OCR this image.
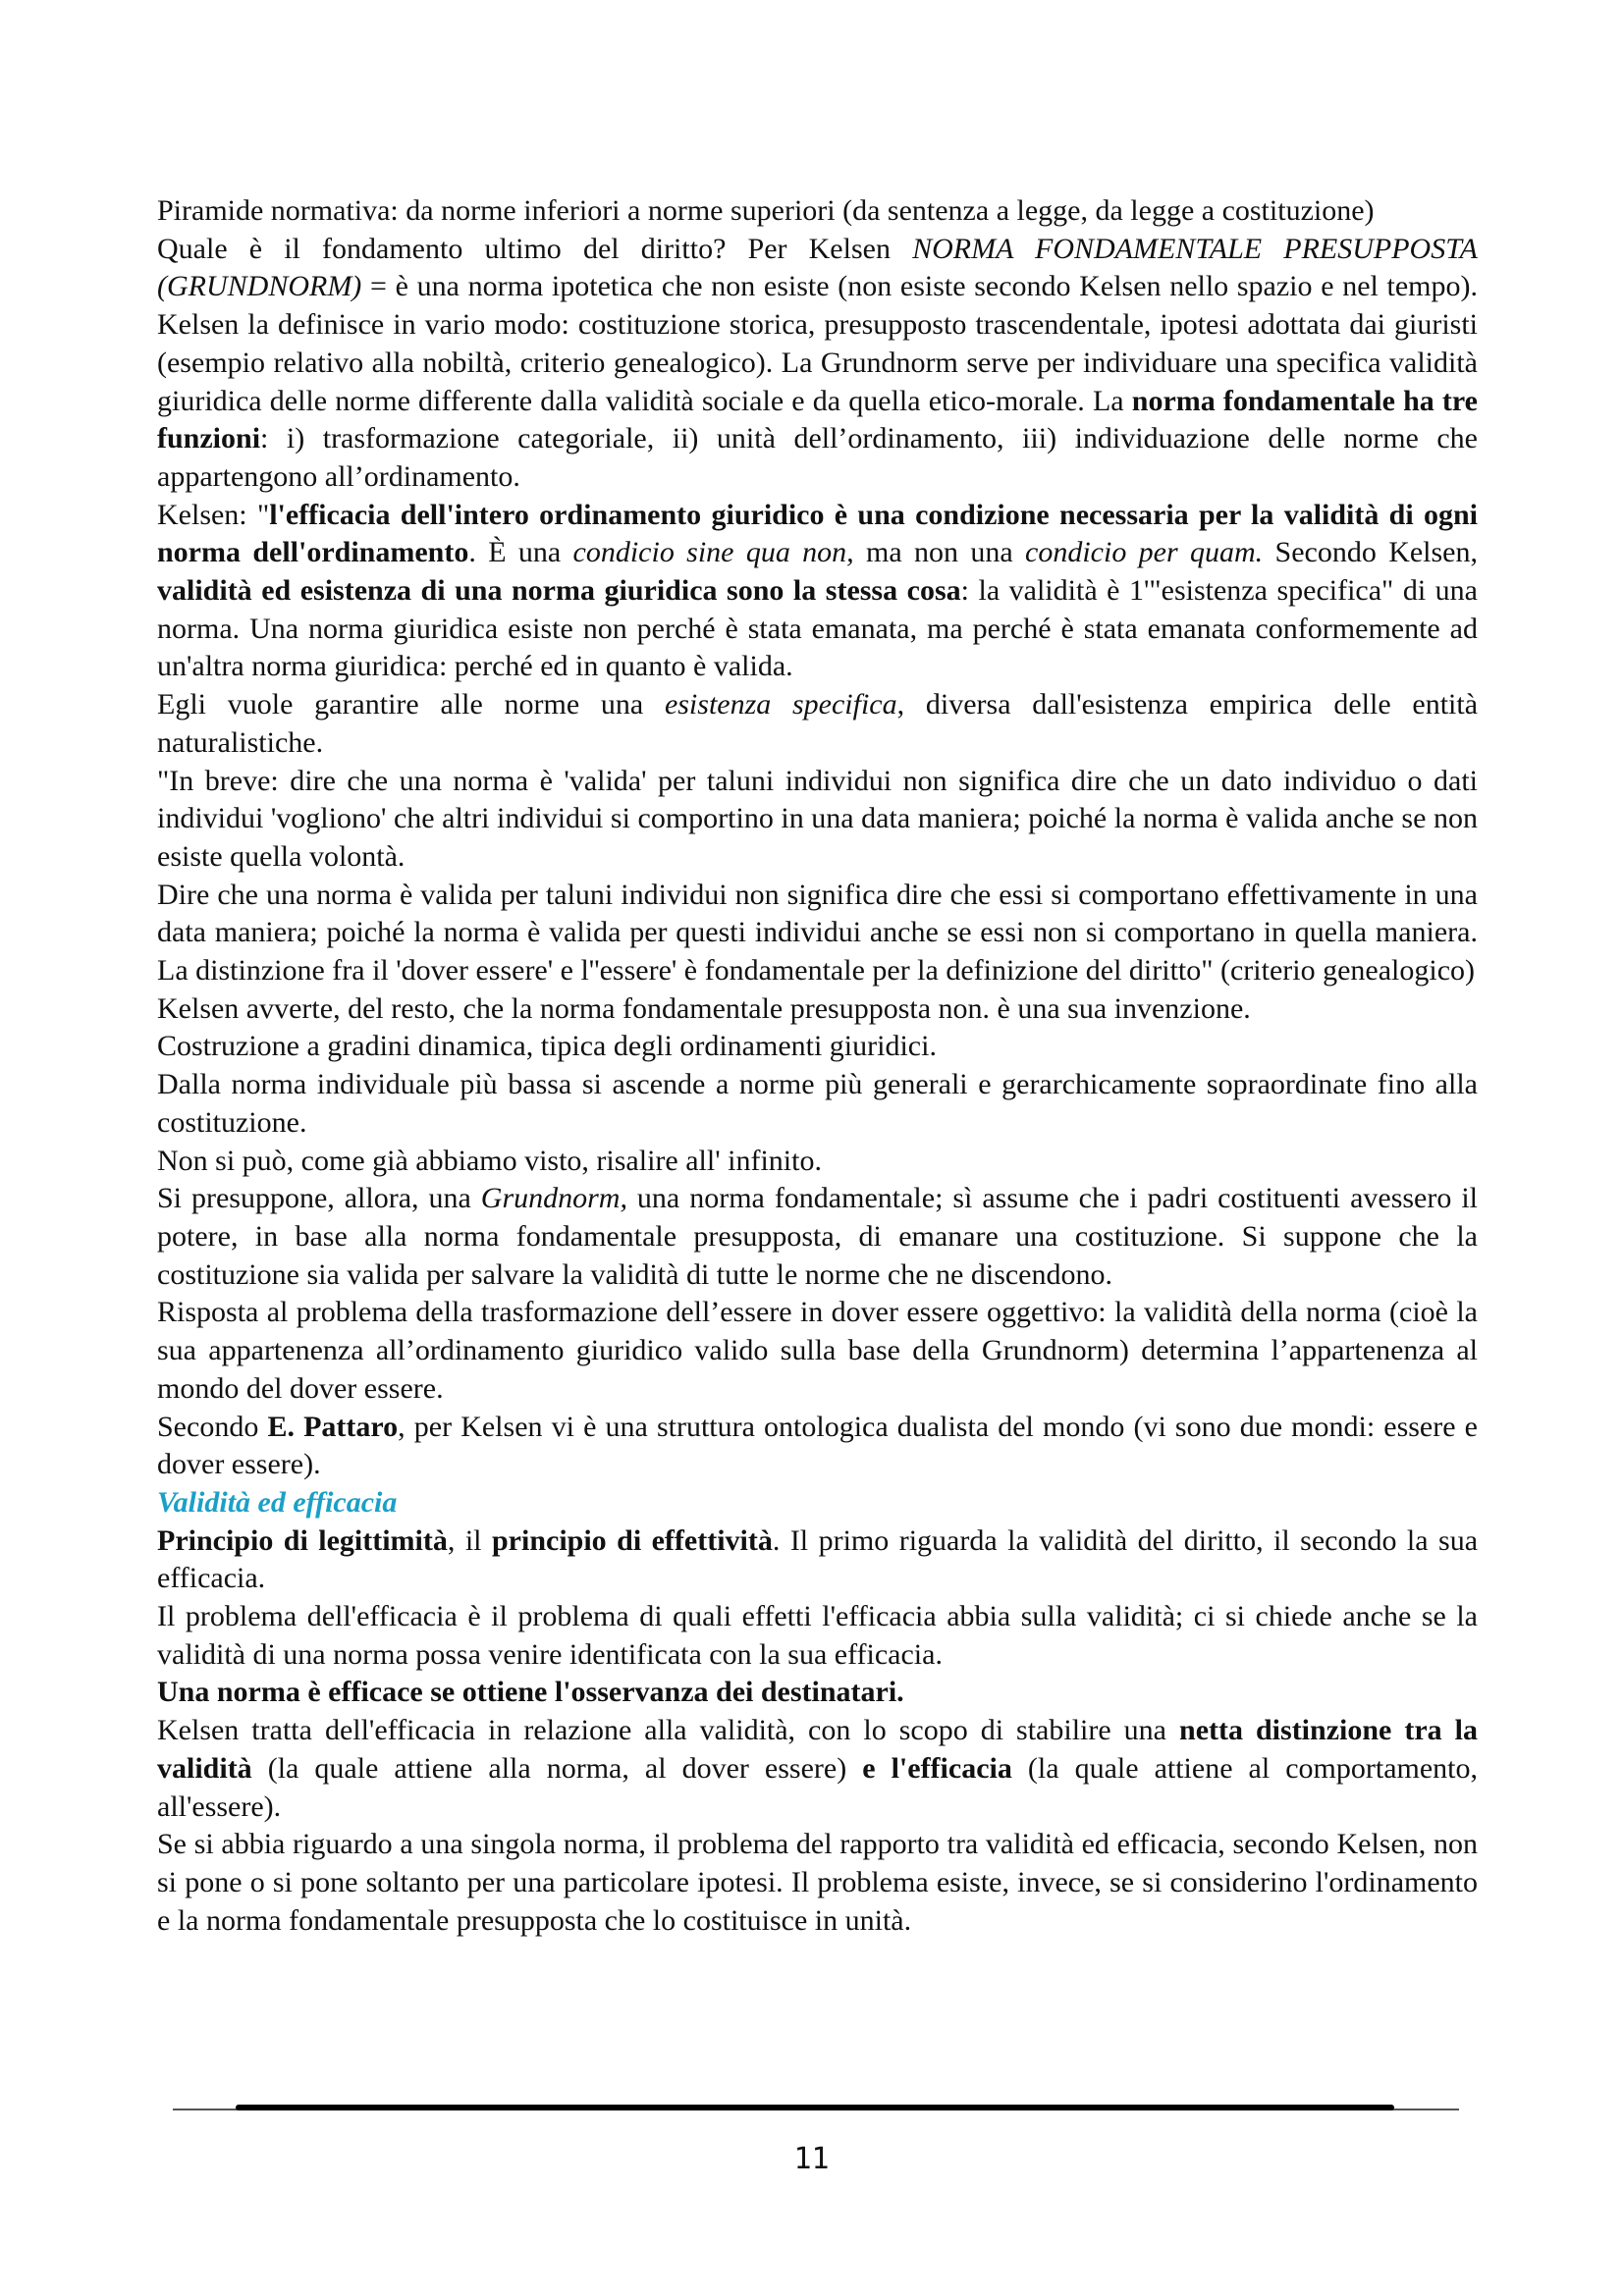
Piramide normativa: da norme inferiori a norme superiori (da sentenza a legge, da legge a costituzione)

Quale è il fondamento ultimo del diritto? Per Kelsen NORMA FONDAMENTALE PRESUPPOSTA (GRUNDNORM) = è una norma ipotetica che non esiste (non esiste secondo Kelsen nello spazio e nel tempo). Kelsen la definisce in vario modo: costituzione storica, presupposto trascendentale, ipotesi adottata dai giuristi (esempio relativo alla nobiltà, criterio genealogico). La Grundnorm serve per individuare una specifica validità giuridica delle norme differente dalla validità sociale e da quella etico-morale. La norma fondamentale ha tre funzioni: i) trasformazione categoriale, ii) unità dell’ordinamento, iii) individuazione delle norme che appartengono all’ordinamento.

Kelsen: "l'efficacia dell'intero ordinamento giuridico è una condizione necessaria per la validità di ogni norma dell'ordinamento. È una condicio sine qua non, ma non una condicio per quam. Secondo Kelsen, validità ed esistenza di una norma giuridica sono la stessa cosa: la validità è 1'"esistenza specifica" di una norma. Una norma giuridica esiste non perché è stata emanata, ma perché è stata emanata conformemente ad un'altra norma giuridica: perché ed in quanto è valida.

Egli vuole garantire alle norme una esistenza specifica, diversa dall'esistenza empirica delle entità naturalistiche.

"In breve: dire che una norma è 'valida' per taluni individui non significa dire che un dato individuo o dati individui 'vogliono' che altri individui si comportino in una data maniera; poiché la norma è valida anche se non esiste quella volontà.

Dire che una norma è valida per taluni individui non significa dire che essi si comportano effettivamente in una data maniera; poiché la norma è valida per questi individui anche se essi non si comportano in quella maniera. La distinzione fra il 'dover essere' e l''essere' è fondamentale per la definizione del diritto" (criterio genealogico)

Kelsen avverte, del resto, che la norma fondamentale presupposta non. è una sua invenzione.

Costruzione a gradini dinamica, tipica degli ordinamenti giuridici.

Dalla norma individuale più bassa si ascende a norme più generali e gerarchicamente sopraordinate fino alla costituzione.

Non si può, come già abbiamo visto, risalire all' infinito.

Si presuppone, allora, una Grundnorm, una norma fondamentale; sì assume che i padri costituenti avessero il potere, in base alla norma fondamentale presupposta, di emanare una costituzione. Si suppone che la costituzione sia valida per salvare la validità di tutte le norme che ne discendono.

Risposta al problema della trasformazione dell’essere in dover essere oggettivo: la validità della norma (cioè la sua appartenenza all’ordinamento giuridico valido sulla base della Grundnorm) determina l’appartenenza al mondo del dover essere.

Secondo E. Pattaro, per Kelsen vi è una struttura ontologica dualista del mondo (vi sono due mondi: essere e dover essere).

Validità ed efficacia

Principio di legittimità, il principio di effettività. Il primo riguarda la validità del diritto, il secondo la sua efficacia.

Il problema dell'efficacia è il problema di quali effetti l'efficacia abbia sulla validità; ci si chiede anche se la validità di una norma possa venire identificata con la sua efficacia.

Una norma è efficace se ottiene l'osservanza dei destinatari.

Kelsen tratta dell'efficacia in relazione alla validità, con lo scopo di stabilire una netta distinzione tra la validità (la quale attiene alla norma, al dover essere) e l'efficacia (la quale attiene al comportamento, all'essere).

Se si abbia riguardo a una singola norma, il problema del rapporto tra validità ed efficacia, secondo Kelsen, non si pone o si pone soltanto per una particolare ipotesi. Il problema esiste, invece, se si considerino l'ordinamento e la norma fondamentale presupposta che lo costituisce in unità.

11
